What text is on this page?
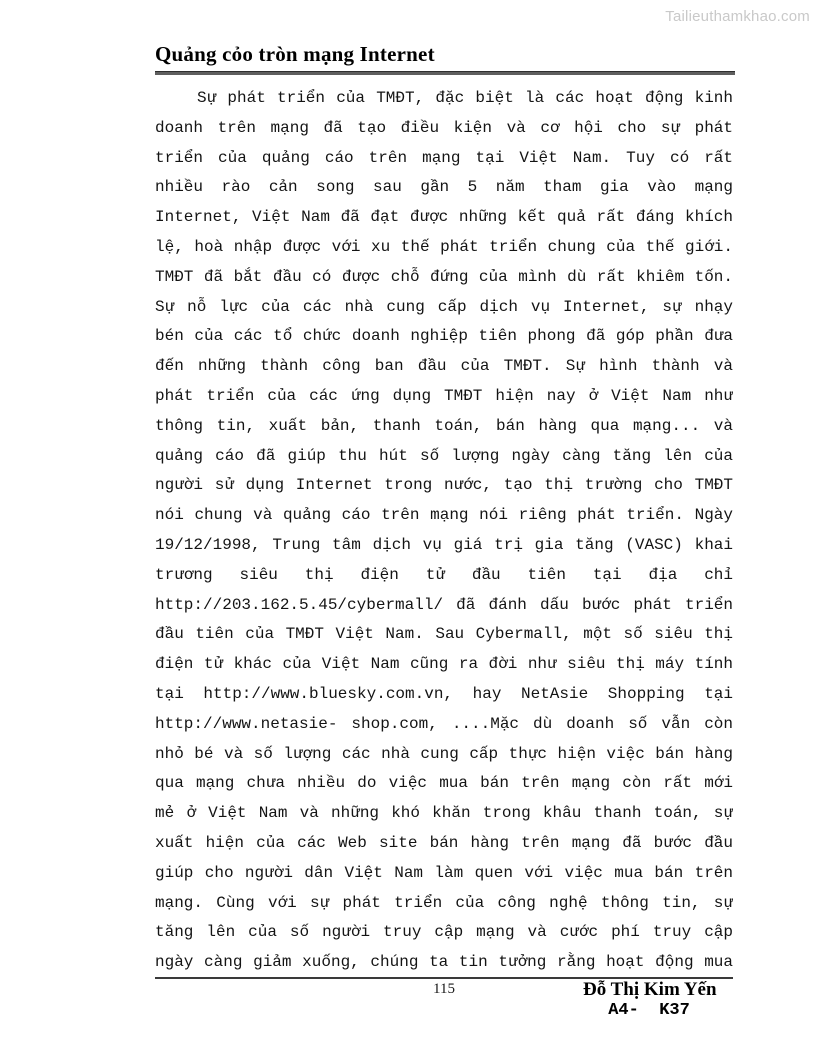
Tailieuthamkhao.com
Quảng cỏo tròn mạng Internet
Sự phát triển của TMĐT, đặc biệt là các hoạt động kinh
doanh trên mạng đã tạo điều kiện và cơ hội cho sự phát
triển của quảng cáo trên mạng tại Việt Nam. Tuy có rất
nhiều rào cản song sau gần 5 năm tham gia vào mạng
Internet, Việt Nam đã đạt được những kết quả rất đáng khích
lệ, hoà nhập được với xu thế phát triển chung của thế giới.
TMĐT đã bắt đầu có được chỗ đứng của mình dù rất khiêm tốn.
Sự nỗ lực của các nhà cung cấp dịch vụ Internet, sự nhạy
bén của các tổ chức doanh nghiệp tiên phong đã góp phần đưa
đến những thành công ban đầu của TMĐT. Sự hình thành và
phát triển của các ứng dụng TMĐT hiện nay ở Việt Nam như
thông tin, xuất bản, thanh toán, bán hàng qua mạng... và
quảng cáo đã giúp thu hút số lượng ngày càng tăng lên của
người sử dụng Internet trong nước, tạo thị trường cho TMĐT
nói chung và quảng cáo trên mạng nói riêng phát triển. Ngày
19/12/1998, Trung tâm dịch vụ giá trị gia tăng (VASC) khai
trương siêu thị điện tử đầu tiên tại địa chỉ
http://203.162.5.45/cybermall/ đã đánh dấu bước phát triển
đầu tiên của TMĐT Việt Nam. Sau Cybermall, một số siêu thị
điện tử khác của Việt Nam cũng ra đời như siêu thị máy tính
tại http://www.bluesky.com.vn, hay NetAsie Shopping tại
http://www.netasie- shop.com, ....Mặc dù doanh số vẫn còn
nhỏ bé và số lượng các nhà cung cấp thực hiện việc bán hàng
qua mạng chưa nhiều do việc mua bán trên mạng còn rất mới
mẻ ở Việt Nam và những khó khăn trong khâu thanh toán, sự
xuất hiện của các Web site bán hàng trên mạng đã bước đầu
giúp cho người dân Việt Nam làm quen với việc mua bán trên
mạng. Cùng với sự phát triển của công nghệ thông tin, sự
tăng lên của số người truy cập mạng và cước phí truy cập
ngày càng giảm xuống, chúng ta tin tưởng rằng hoạt động mua
115	Đỗ Thị Kim Yến
A4-  K37
